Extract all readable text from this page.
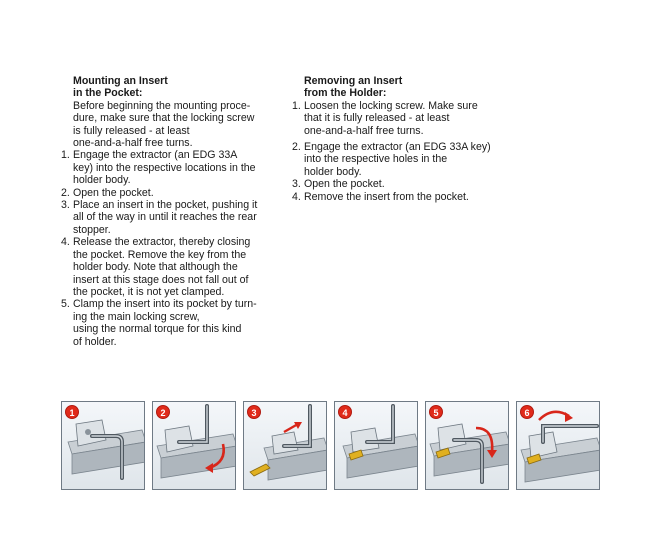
Mounting an Insert
in the Pocket:
Before beginning the mounting proce-
dure, make sure that the locking screw
is fully released - at least
one-and-a-half free turns.
1. Engage the extractor (an EDG 33A
key) into the respective locations in the
holder body.
2. Open the pocket.
3. Place an insert in the pocket, pushing it
all of the way in until it reaches the rear
stopper.
4. Release the extractor, thereby closing
the pocket. Remove the key from the
holder body. Note that although the
insert at this stage does not fall out of
the pocket, it is not yet clamped.
5. Clamp the insert into its pocket by turn-
ing the main locking screw,
using the normal torque for this kind
of holder.
Removing an Insert
from the Holder:
1. Loosen the locking screw. Make sure
that it is fully released - at least
one-and-a-half free turns.
2. Engage the extractor (an EDG 33A key)
into the respective holes in the
holder body.
3. Open the pocket.
4. Remove the insert from the pocket.
1	2	3	4	5	6
